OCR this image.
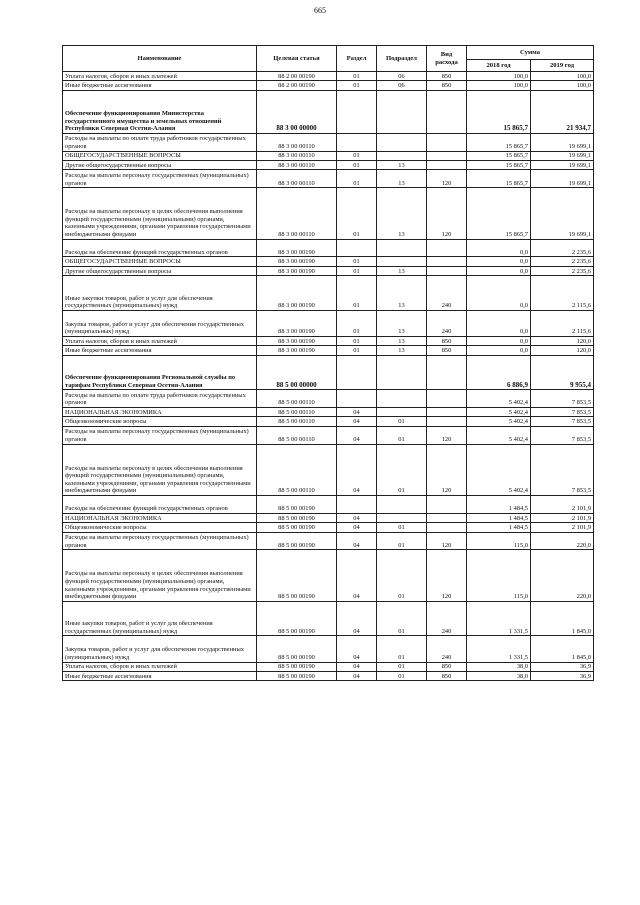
665
Наименование	Целевая статья	Раздел	Подраздел	Вид расхода	Сумма	
					2018 год	2019 год
Уплата налогов, сборов и иных платежей	88 2 00 00190	01	06	850	100,0	100,0
Иные бюджетные ассигнования	88 2 00 00190	01	06	850	100,0	100,0
Обеспечение функционирования Министерства государственного имущества и земельных отношений Республики Северная Осетия-Алания	88 3 00 00000				15 865,7	21 934,7
Расходы на выплаты по оплате труда работников государственных органов	88 3 00 00110				15 865,7	19 699,1
ОБЩЕГОСУДАРСТВЕННЫЕ ВОПРОСЫ	88 3 00 00110	01			15 865,7	19 699,1
Другие общегосударственные вопросы	88 3 00 00110	01	13		15 865,7	19 699,1
Расходы на выплаты персоналу государственных (муниципальных) органов	88 3 00 00110	01	13	120	15 865,7	19 699,1
Расходы на выплаты персоналу в целях обеспечения выполнения функций государственными (муниципальными) органами, казенными учреждениями, органами управления государственными внебюджетными фондами	88 3 00 00110	01	13	120	15 865,7	19 699,1
Расходы на обеспечение функций государственных органов	88 3 00 00190				0,0	2 235,6
ОБЩЕГОСУДАРСТВЕННЫЕ ВОПРОСЫ	88 3 00 00190	01			0,0	2 235,6
Другие общегосударственные вопросы	88 3 00 00190	01	13		0,0	2 235,6
Иные закупки товаров, работ и услуг для обеспечения государственных (муниципальных) нужд	88 3 00 00190	01	13	240	0,0	2 115,6
Закупка товаров, работ и услуг для обеспечения государственных (муниципальных) нужд	88 3 00 00190	01	13	240	0,0	2 115,6
Уплата налогов, сборов и иных платежей	88 3 00 00190	01	13	850	0,0	120,0
Иные бюджетные ассигнования	88 3 00 00190	01	13	850	0,0	120,0
Обеспечение функционирования Региональной службы по тарифам Республики Северная Осетия-Алания	88 5 00 00000				6 886,9	9 955,4
Расходы на выплаты по оплате труда работников государственных органов	88 5 00 00110				5 402,4	7 853,5
НАЦИОНАЛЬНАЯ ЭКОНОМИКА	88 5 00 00110	04			5 402,4	7 853,5
Общеэкономические вопросы	88 5 00 00110	04	01		5 402,4	7 853,5
Расходы на выплаты персоналу государственных (муниципальных) органов	88 5 00 00110	04	01	120	5 402,4	7 853,5
Расходы на выплаты персоналу в целях обеспечения выполнения функций государственными (муниципальными) органами, казенными учреждениями, органами управления государственными внебюджетными фондами	88 5 00 00110	04	01	120	5 402,4	7 853,5
Расходы на обеспечение функций государственных органов	88 5 00 00190				1 484,5	2 101,9
НАЦИОНАЛЬНАЯ ЭКОНОМИКА	88 5 00 00190	04			1 484,5	2 101,9
Общеэкономические вопросы	88 5 00 00190	04	01		1 484,5	2 101,9
Расходы на выплаты персоналу государственных (муниципальных) органов	88 5 00 00190	04	01	120	115,0	220,0
Расходы на выплаты персоналу в целях обеспечения выполнения функций государственными (муниципальными) органами, казенными учреждениями, органами управления государственными внебюджетными фондами	88 5 00 00190	04	01	120	115,0	220,0
Иные закупки товаров, работ и услуг для обеспечения государственных (муниципальных) нужд	88 5 00 00190	04	01	240	1 331,5	1 845,0
Закупка товаров, работ и услуг для обеспечения государственных (муниципальных) нужд	88 5 00 00190	04	01	240	1 331,5	1 845,0
Уплата налогов, сборов и иных платежей	88 5 00 00190	04	01	850	38,0	36,9
Иные бюджетные ассигнования	88 5 00 00190	04	01	850	38,0	36,9
